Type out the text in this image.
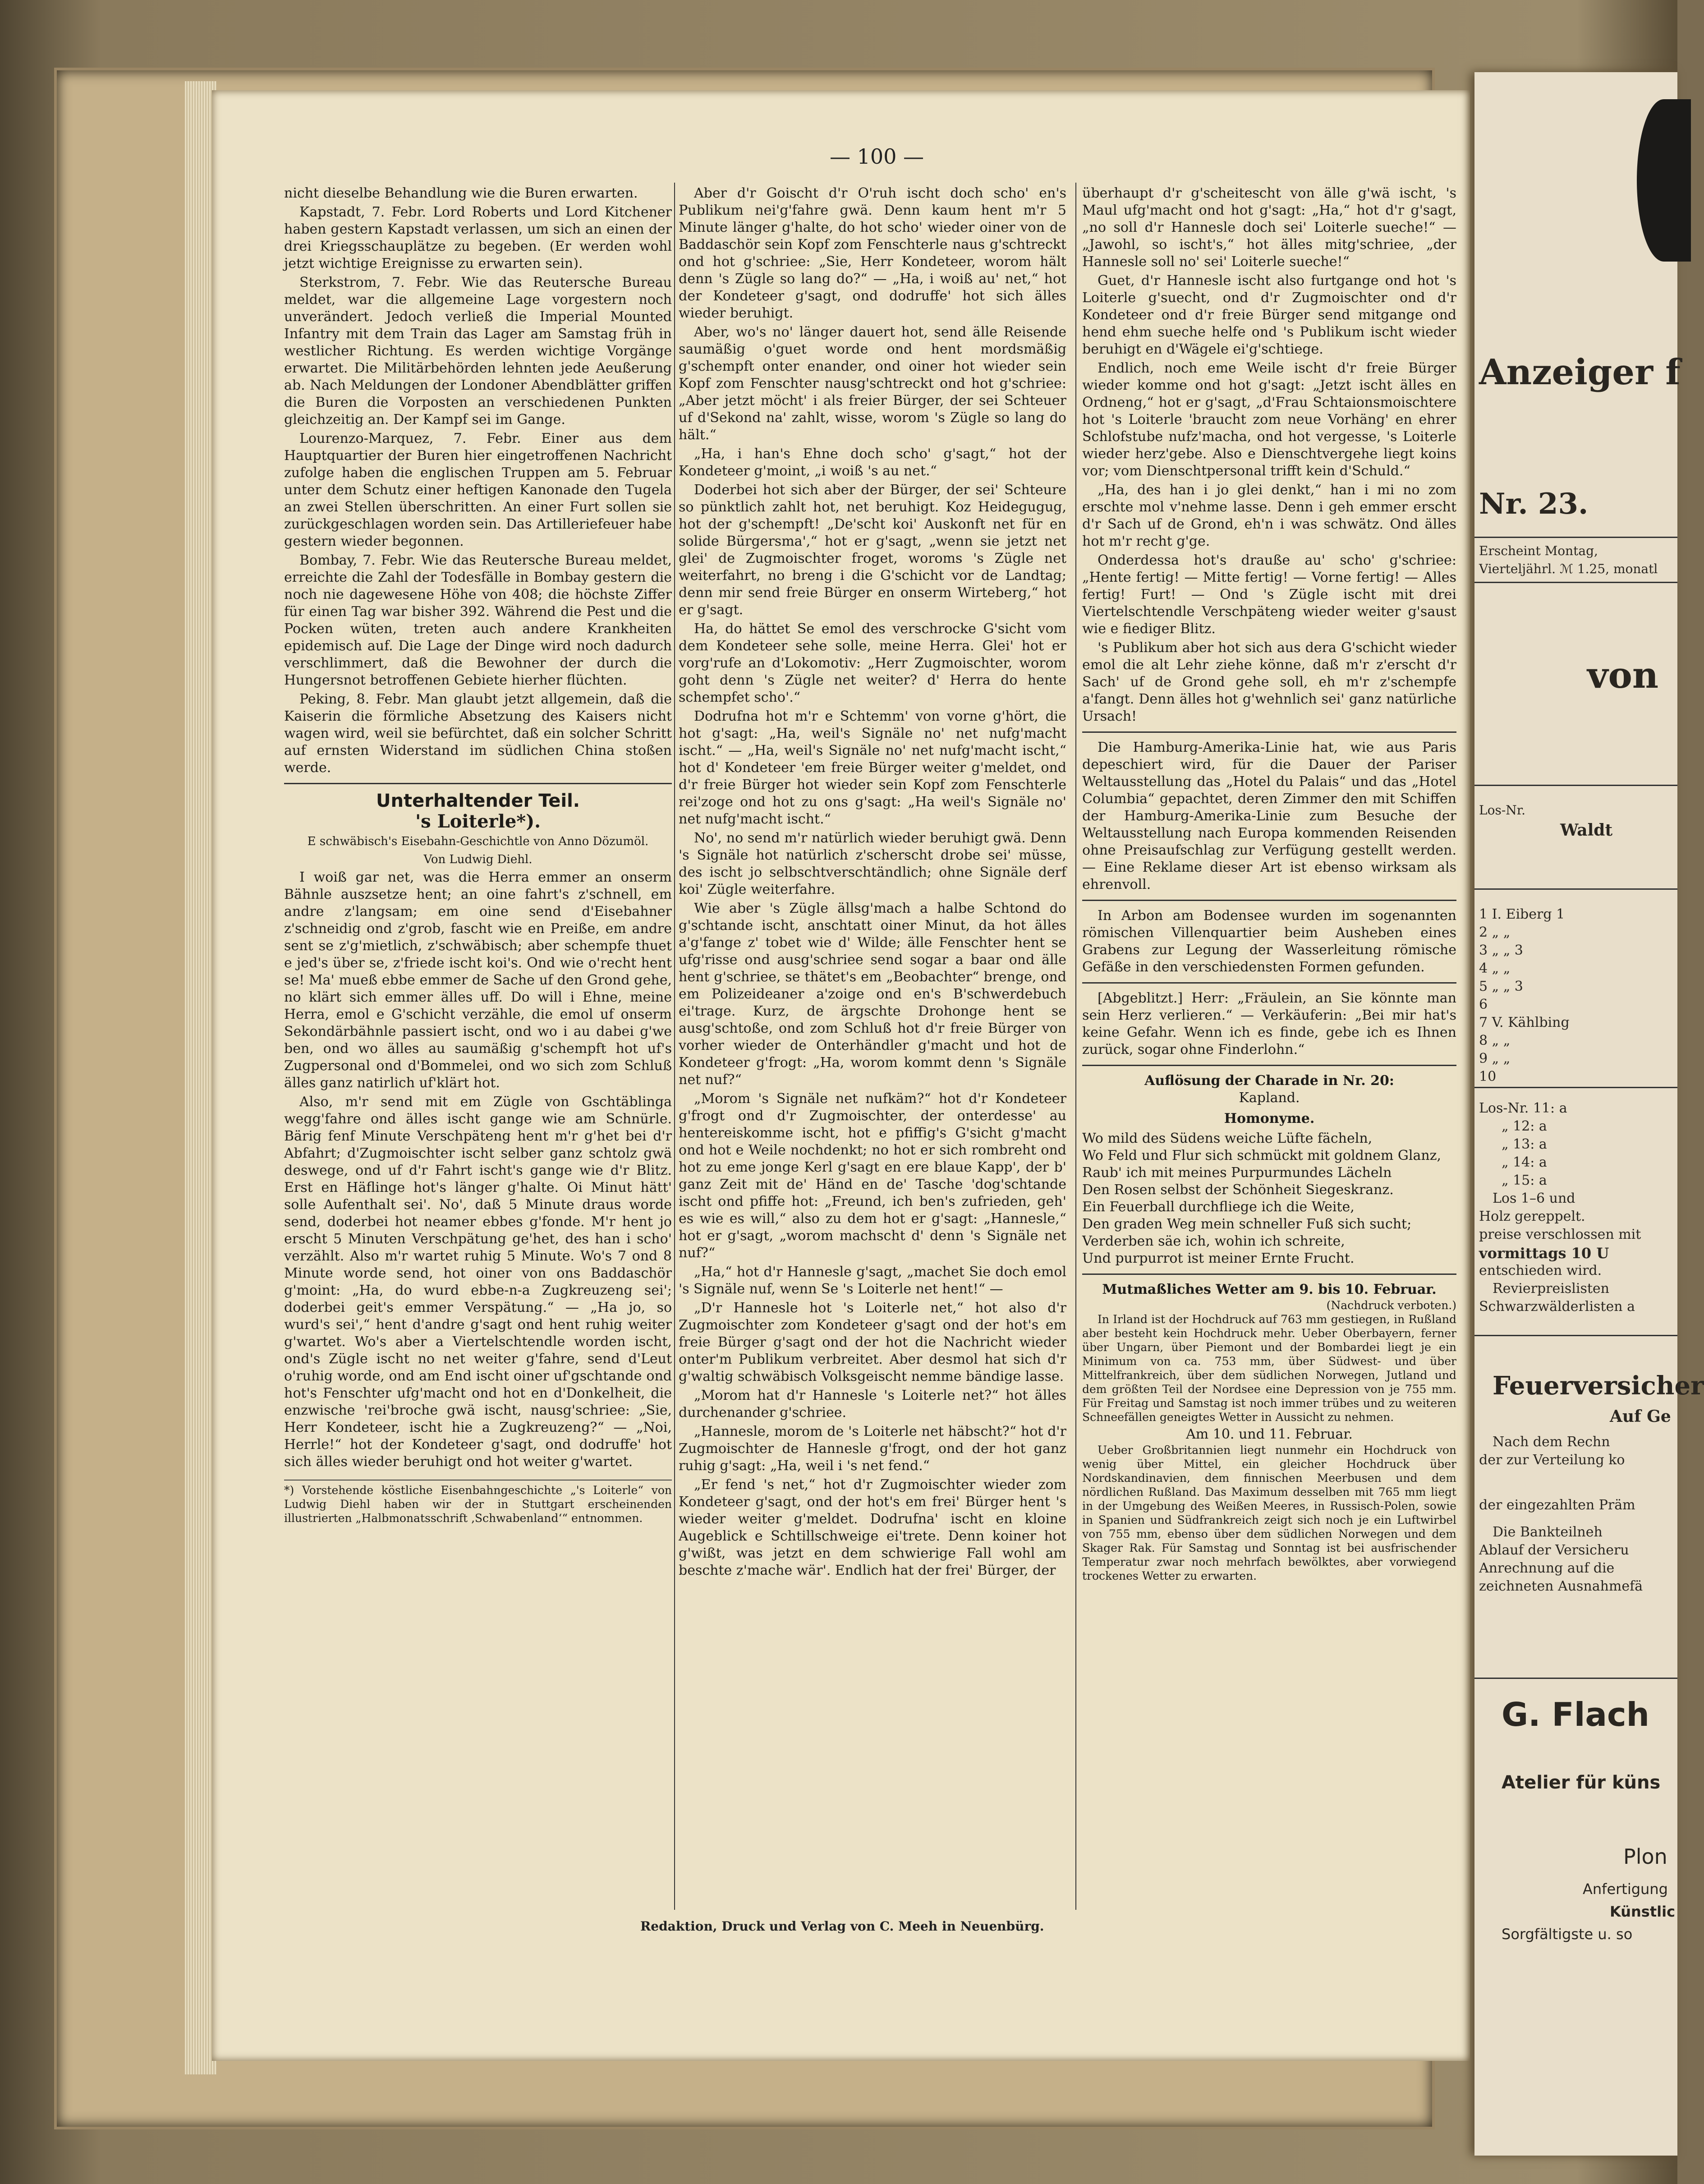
— 100 —

nicht dieselbe Behandlung wie die Buren erwarten.

Kapstadt, 7. Febr. Lord Roberts und Lord Kitchener haben gestern Kapstadt verlassen, um sich an einen der drei Kriegsschauplätze zu begeben. (Er werden wohl jetzt wichtige Ereignisse zu erwarten sein).

Sterkstrom, 7. Febr. Wie das Reutersche Bureau meldet, war die allgemeine Lage vorgestern noch unverändert. Jedoch verließ die Imperial Mounted Infantry mit dem Train das Lager am Samstag früh in westlicher Richtung. Es werden wichtige Vorgänge erwartet. Die Militärbehörden lehnten jede Aeußerung ab. Nach Meldungen der Londoner Abendblätter griffen die Buren die Vorposten an verschiedenen Punkten gleichzeitig an. Der Kampf sei im Gange.

Lourenzo-Marquez, 7. Febr. Einer aus dem Hauptquartier der Buren hier eingetroffenen Nachricht zufolge haben die englischen Truppen am 5. Februar unter dem Schutz einer heftigen Kanonade den Tugela an zwei Stellen überschritten. An einer Furt sollen sie zurückgeschlagen worden sein. Das Artilleriefeuer habe gestern wieder begonnen.

Bombay, 7. Febr. Wie das Reutersche Bureau meldet, erreichte die Zahl der Todesfälle in Bombay gestern die noch nie dagewesene Höhe von 408; die höchste Ziffer für einen Tag war bisher 392. Während die Pest und die Pocken wüten, treten auch andere Krankheiten epidemisch auf. Die Lage der Dinge wird noch dadurch verschlimmert, daß die Bewohner der durch die Hungersnot betroffenen Gebiete hierher flüchten.

Peking, 8. Febr. Man glaubt jetzt allgemein, daß die Kaiserin die förmliche Absetzung des Kaisers nicht wagen wird, weil sie befürchtet, daß ein solcher Schritt auf ernsten Widerstand im südlichen China stoßen werde.

Unterhaltender Teil.
's Loiterle*).
E schwäbisch's Eisebahn-Geschichtle von Anno Dözumöl.
Von Ludwig Diehl.

I woiß gar net, was die Herra emmer an onserm Bähnle auszsetze hent; an oine fahrt's z'schnell, em andre z'langsam; em oine send d'Eisebahner z'schneidig ond z'grob, fascht wie en Preiße, em andre sent se z'g'mietlich, z'schwäbisch; aber schempfe thuet e jed's über se, z'friede ischt koi's. Ond wie o'recht hent se! Ma' mueß ebbe emmer de Sache uf den Grond gehe, no klärt sich emmer älles uff. Do will i Ehne, meine Herra, emol e G'schicht verzähle, die emol uf onserm Sekondärbähnle passiert ischt, ond wo i au dabei g'we ben, ond wo älles au saumäßig g'schempft hot uf's Zugpersonal ond d'Bommelei, ond wo sich zom Schluß älles ganz natirlich uf'klärt hot.

Also, m'r send mit em Zügle von Gschtäblinga wegg'fahre ond älles ischt gange wie am Schnürle. Bärig fenf Minute Verschpäteng hent m'r g'het bei d'r Abfahrt; d'Zugmoischter ischt selber ganz schtolz gwä deswege, ond uf d'r Fahrt ischt's gange wie d'r Blitz. Erst en Häflinge hot's länger g'halte. Oi Minut hätt' solle Aufenthalt sei'. No', daß 5 Minute draus worde send, doderbei hot neamer ebbes g'fonde. M'r hent jo erscht 5 Minuten Verschpätung ge'het, des han i scho' verzählt. Also m'r wartet ruhig 5 Minute. Wo's 7 ond 8 Minute worde send, hot oiner von ons Baddaschör g'moint: „Ha, do wurd ebbe-n-a Zugkreuzeng sei'; doderbei geit's emmer Verspätung.“ — „Ha jo, so wurd's sei',“ hent d'andre g'sagt ond hent ruhig weiter g'wartet. Wo's aber a Viertelschtendle worden ischt, ond's Zügle ischt no net weiter g'fahre, send d'Leut o'ruhig worde, ond am End ischt oiner uf'gschtande ond hot's Fenschter ufg'macht ond hot en d'Donkelheit, die enzwische 'rei'broche gwä ischt, nausg'schriee: „Sie, Herr Kondeteer, ischt hie a Zugkreuzeng?“ — „Noi, Herrle!“ hot der Kondeteer g'sagt, ond dodruffe' hot sich älles wieder beruhigt ond hot weiter g'wartet.

*) Vorstehende köstliche Eisenbahngeschichte „'s Loiterle“ von Ludwig Diehl haben wir der in Stuttgart erscheinenden illustrierten „Halbmonatsschrift ‚Schwabenland‘“ entnommen.

Aber d'r Goischt d'r O'ruh ischt doch scho' en's Publikum nei'g'fahre gwä. Denn kaum hent m'r 5 Minute länger g'halte, do hot scho' wieder oiner von de Baddaschör sein Kopf zom Fenschterle naus g'schtreckt ond hot g'schriee: „Sie, Herr Kondeteer, worom hält denn 's Zügle so lang do?“ — „Ha, i woiß au' net,“ hot der Kondeteer g'sagt, ond dodruffe' hot sich älles wieder beruhigt.

Aber, wo's no' länger dauert hot, send älle Reisende saumäßig o'guet worde ond hent mordsmäßig g'schempft onter enander, ond oiner hot wieder sein Kopf zom Fenschter nausg'schtreckt ond hot g'schriee: „Aber jetzt möcht' i als freier Bürger, der sei Schteuer uf d'Sekond na' zahlt, wisse, worom 's Zügle so lang do hält.“

„Ha, i han's Ehne doch scho' g'sagt,“ hot der Kondeteer g'moint, „i woiß 's au net.“

Doderbei hot sich aber der Bürger, der sei' Schteure so pünktlich zahlt hot, net beruhigt. Koz Heidegugug, hot der g'schempft! „De'scht koi' Auskonft net für en solide Bürgersma',“ hot er g'sagt, „wenn sie jetzt net glei' de Zugmoischter froget, woroms 's Zügle net weiterfahrt, no breng i die G'schicht vor de Landtag; denn mir send freie Bürger en onserm Wirteberg,“ hot er g'sagt.

Ha, do hättet Se emol des verschrocke G'sicht vom dem Kondeteer sehe solle, meine Herra. Glei' hot er vorg'rufe an d'Lokomotiv: „Herr Zugmoischter, worom goht denn 's Zügle net weiter? d' Herra do hente schempfet scho'.“

Dodrufna hot m'r e Schtemm' von vorne g'hört, die hot g'sagt: „Ha, weil's Signäle no' net nufg'macht ischt.“ — „Ha, weil's Signäle no' net nufg'macht ischt,“ hot d' Kondeteer 'em freie Bürger weiter g'meldet, ond d'r freie Bürger hot wieder sein Kopf zom Fenschterle rei'zoge ond hot zu ons g'sagt: „Ha weil's Signäle no' net nufg'macht ischt.“

No', no send m'r natürlich wieder beruhigt gwä. Denn 's Signäle hot natürlich z'scherscht drobe sei' müsse, des ischt jo selbschtverschtändlich; ohne Signäle derf koi' Zügle weiterfahre.

Wie aber 's Zügle ällsg'mach a halbe Schtond do g'schtande ischt, anschtatt oiner Minut, da hot älles a'g'fange z' tobet wie d' Wilde; älle Fenschter hent se ufg'risse ond ausg'schriee send sogar a baar ond älle hent g'schriee, se thätet's em „Beobachter“ brenge, ond em Polizeideaner a'zoige ond en's B'schwerdebuch ei'trage. Kurz, de ärgschte Drohonge hent se ausg'schtoße, ond zom Schluß hot d'r freie Bürger von vorher wieder de Onterhändler g'macht und hot de Kondeteer g'frogt: „Ha, worom kommt denn 's Signäle net nuf?“

„Morom 's Signäle net nufkäm?“ hot d'r Kondeteer g'frogt ond d'r Zugmoischter, der onterdesse' au hentereiskomme ischt, hot e pfiffig's G'sicht g'macht ond hot e Weile nochdenkt; no hot er sich rombreht ond hot zu eme jonge Kerl g'sagt en ere blaue Kapp', der b' ganz Zeit mit de' Händ en de' Tasche 'dog'schtande ischt ond pfiffe hot: „Freund, ich ben's zufrieden, geh' es wie es will,“ also zu dem hot er g'sagt: „Hannesle,“ hot er g'sagt, „worom machscht d' denn 's Signäle net nuf?“

„Ha,“ hot d'r Hannesle g'sagt, „machet Sie doch emol 's Signäle nuf, wenn Se 's Loiterle net hent!“ —

„D'r Hannesle hot 's Loiterle net,“ hot also d'r Zugmoischter zom Kondeteer g'sagt ond der hot's em freie Bürger g'sagt ond der hot die Nachricht wieder onter'm Publikum verbreitet. Aber desmol hat sich d'r g'waltig schwäbisch Volksgeischt nemme bändige lasse.

„Morom hat d'r Hannesle 's Loiterle net?“ hot älles durchenander g'schriee.

„Hannesle, morom de 's Loiterle net häbscht?“ hot d'r Zugmoischter de Hannesle g'frogt, ond der hot ganz ruhig g'sagt: „Ha, weil i 's net fend.“

„Er fend 's net,“ hot d'r Zugmoischter wieder zom Kondeteer g'sagt, ond der hot's em frei' Bürger hent 's wieder weiter g'meldet. Dodrufna' ischt en kloine Augeblick e Schtillschweige ei'trete. Denn koiner hot g'wißt, was jetzt en dem schwierige Fall wohl am beschte z'mache wär'. Endlich hat der frei' Bürger, der

überhaupt d'r g'scheitescht von älle g'wä ischt, 's Maul ufg'macht ond hot g'sagt: „Ha,“ hot d'r g'sagt, „no soll d'r Hannesle doch sei' Loiterle sueche!“ — „Jawohl, so ischt's,“ hot älles mitg'schriee, „der Hannesle soll no' sei' Loiterle sueche!“

Guet, d'r Hannesle ischt also furtgange ond hot 's Loiterle g'suecht, ond d'r Zugmoischter ond d'r Kondeteer ond d'r freie Bürger send mitgange ond hend ehm sueche helfe ond 's Publikum ischt wieder beruhigt en d'Wägele ei'g'schtiege.

Endlich, noch eme Weile ischt d'r freie Bürger wieder komme ond hot g'sagt: „Jetzt ischt älles en Ordneng,“ hot er g'sagt, „d'Frau Schtaionsmoischtere hot 's Loiterle 'braucht zom neue Vorhäng' en ehrer Schlofstube nufz'macha, ond hot vergesse, 's Loiterle wieder herz'gebe. Also e Dienschtvergehe liegt koins vor; vom Dienschtpersonal trifft kein d'Schuld.“

„Ha, des han i jo glei denkt,“ han i mi no zom erschte mol v'nehme lasse. Denn i geh emmer erscht d'r Sach uf de Grond, eh'n i was schwätz. Ond älles hot m'r recht g'ge.

Onderdessa hot's drauße au' scho' g'schriee: „Hente fertig! — Mitte fertig! — Vorne fertig! — Alles fertig! Furt! — Ond 's Zügle ischt mit drei Viertelschtendle Verschpäteng wieder weiter g'saust wie e fiediger Blitz.

's Publikum aber hot sich aus dera G'schicht wieder emol die alt Lehr ziehe könne, daß m'r z'erscht d'r Sach' uf de Grond gehe soll, eh m'r z'schempfe a'fangt. Denn älles hot g'wehnlich sei' ganz natürliche Ursach!

Die Hamburg-Amerika-Linie hat, wie aus Paris depeschiert wird, für die Dauer der Pariser Weltausstellung das „Hotel du Palais“ und das „Hotel Columbia“ gepachtet, deren Zimmer den mit Schiffen der Hamburg-Amerika-Linie zum Besuche der Weltausstellung nach Europa kommenden Reisenden ohne Preisaufschlag zur Verfügung gestellt werden. — Eine Reklame dieser Art ist ebenso wirksam als ehrenvoll.

In Arbon am Bodensee wurden im sogenannten römischen Villenquartier beim Ausheben eines Grabens zur Legung der Wasserleitung römische Gefäße in den verschiedensten Formen gefunden.

[Abgeblitzt.] Herr: „Fräulein, an Sie könnte man sein Herz verlieren.“ — Verkäuferin: „Bei mir hat's keine Gefahr. Wenn ich es finde, gebe ich es Ihnen zurück, sogar ohne Finderlohn.“

Auflösung der Charade in Nr. 20:
Kapland.
Homonyme.
Wo mild des Südens weiche Lüfte fächeln,
Wo Feld und Flur sich schmückt mit goldnem Glanz,
Raub' ich mit meines Purpurmundes Lächeln
Den Rosen selbst der Schönheit Siegeskranz.
Ein Feuerball durchfliege ich die Weite,
Den graden Weg mein schneller Fuß sich sucht;
Verderben säe ich, wohin ich schreite,
Und purpurrot ist meiner Ernte Frucht.
Mutmaßliches Wetter am 9. bis 10. Februar.
(Nachdruck verboten.)

In Irland ist der Hochdruck auf 763 mm gestiegen, in Rußland aber besteht kein Hochdruck mehr. Ueber Oberbayern, ferner über Ungarn, über Piemont und der Bombardei liegt je ein Minimum von ca. 753 mm, über Südwest- und über Mittelfrankreich, über dem südlichen Norwegen, Jutland und dem größten Teil der Nordsee eine Depression von je 755 mm. Für Freitag und Samstag ist noch immer trübes und zu weiteren Schneefällen geneigtes Wetter in Aussicht zu nehmen.

Am 10. und 11. Februar.

Ueber Großbritannien liegt nunmehr ein Hochdruck von wenig über Mittel, ein gleicher Hochdruck über Nordskandinavien, dem finnischen Meerbusen und dem nördlichen Rußland. Das Maximum desselben mit 765 mm liegt in der Umgebung des Weißen Meeres, in Russisch-Polen, sowie in Spanien und Südfrankreich zeigt sich noch je ein Luftwirbel von 755 mm, ebenso über dem südlichen Norwegen und dem Skager Rak. Für Samstag und Sonntag ist bei ausfrischender Temperatur zwar noch mehrfach bewölktes, aber vorwiegend trockenes Wetter zu erwarten.

Redaktion, Druck und Verlag von C. Meeh in Neuenbürg.
Anzeiger f
Nr. 23.
Erscheint Montag,
Vierteljährl. ℳ 1.25, monatl
von
Los-Nr.
Waldt
1 I. Eiberg 1
2 „ „
3 „ „ 3
4 „ „
5 „ „ 3
6
7 V. Kählbing
8 „ „
9 „ „
10
Los-Nr. 11: a
„ 12: a
„ 13: a
„ 14: a
„ 15: a
Los 1–6 und
Holz gereppelt.
preise verschlossen mit
vormittags 10 U
entschieden wird.
Revierpreislisten
Schwarzwälderlisten a
Feuerversicher
Auf Ge
Nach dem Rechn
der zur Verteilung ko
der eingezahlten Präm
Die Bankteilneh
Ablauf der Versicheru
Anrechnung auf die
zeichneten Ausnahmefä
G. Flach
Atelier für küns
Plon
Anfertigung
Künstlic
Sorgfältigste u. so
